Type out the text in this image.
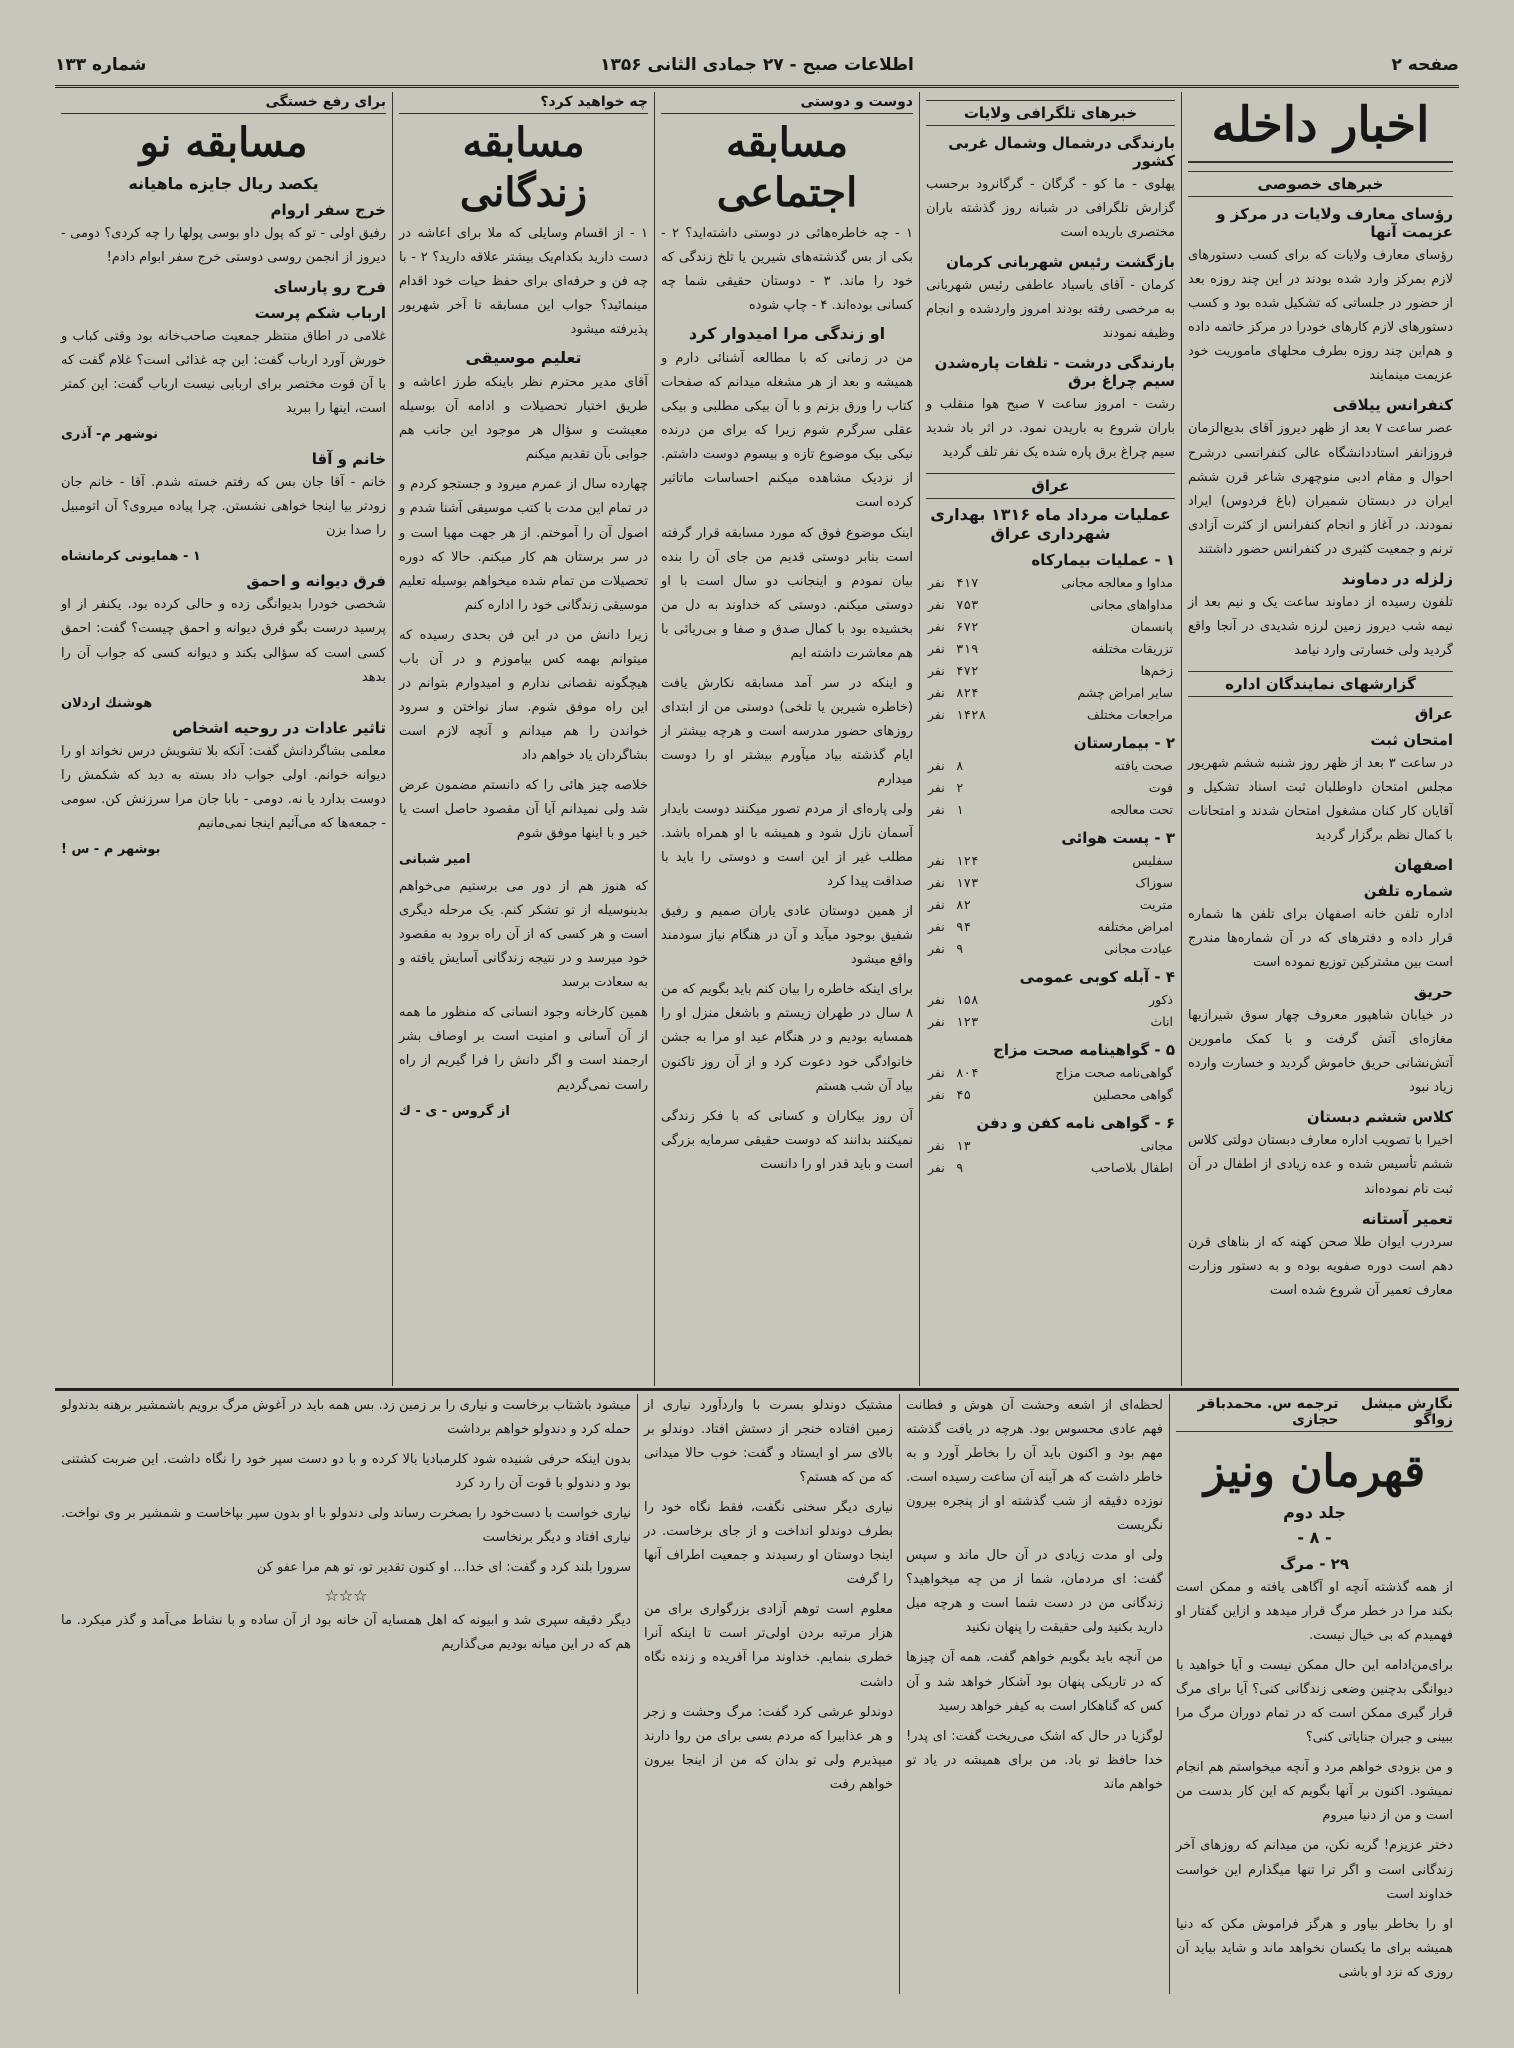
صفحه ۲
اطلاعات صبح - ۲۷ جمادی الثانی ۱۳۵۶
شماره ۱۳۳
اخبار داخله
خبرهای خصوصی
رؤسای معارف ولایات در مرکز و عزیمت آنها

رؤسای معارف ولایات که برای کسب دستورهای لازم بمرکز وارد شده بودند در این چند روزه بعد از حضور در جلساتی که تشکیل شده بود و کسب دستورهای لازم کارهای خودرا در مرکز خاتمه داده و هم‌این چند روزه بطرف محلهای ماموریت خود عزیمت مینمایند

کنفرانس ییلاقی

عصر ساعت ۷ بعد از ظهر دیروز آقای بدیع‌الزمان فروزانفر استاددانشگاه عالی کنفرانسی درشرح احوال و مقام ادبی منوچهری شاعر قرن ششم ایران در دبستان شمیران (باغ فردوس) ایراد نمودند. در آغاز و انجام کنفرانس از کثرت آزادی ترنم و جمعیت کثیری در کنفرانس حضور داشتند

زلزله در دماوند

تلفون رسیده از دماوند ساعت یک و نیم بعد از نیمه شب دیروز زمین لرزه شدیدی در آنجا واقع گردید ولی خسارتی وارد نیامد

گزارشهای نمایندگان اداره
عراق
امتحان ثبت

در ساعت ۳ بعد از ظهر روز شنبه ششم شهریور مجلس امتحان داوطلبان ثبت اسناد تشکیل و آقایان کار کنان مشغول امتحان شدند و امتحانات با کمال نظم برگزار گردید

اصفهان
شماره تلفن

اداره تلفن خانه اصفهان برای تلفن ها شماره قرار داده و دفترهای که در آن شماره‌ها مندرج است بین مشترکین توزیع نموده است

حریق

در خیابان شاهپور معروف چهار سوق شیرازیها مغازه‌ای آتش گرفت و با کمک مامورین آتش‌نشانی حریق خاموش گردید و خسارت وارده زیاد نبود

کلاس ششم دبستان

اخیرا با تصویب اداره معارف دبستان دولتی کلاس ششم تأسیس شده و عده زیادی از اطفال در آن ثبت نام نموده‌اند

تعمیر آستانه

سردرب ایوان طلا صحن کهنه که از بناهای قرن دهم است دوره صفویه بوده و به دستور وزارت معارف تعمیر آن شروع شده است

خبرهای تلگرافی ولایات
بارندگی درشمال وشمال غربی کشور

پهلوی - ما کو - گرگان - گرگانرود برحسب گزارش تلگرافی در شبانه روز گذشته باران مختصری باریده است

بازگشت رئیس شهربانی کرمان

کرمان - آقای یاسیاد عاطفی رئیس شهربانی به مرخصی رفته بودند امروز واردشده و انجام وظیفه نمودند

بارندگی درشت - تلفات پاره‌شدن سیم چراغ برق

رشت - امروز ساعت ۷ صبح هوا منقلب و باران شروع به باریدن نمود. در اثر باد شدید سیم چراغ برق پاره شده یک نفر تلف گردید

عراق
عملیات مرداد ماه ۱۳۱۶ بهداری شهرداری عراق
۱ - عملیات بیمارکاه
مداوا و معالجه مجانی	۴۱۷	نفر
مداواهای مجانی	۷۵۳	نفر
پانسمان	۶۷۲	نفر
تزریقات مختلفه	۳۱۹	نفر
زخم‌ها	۴۷۲	نفر
سایر امراض چشم	۸۲۴	نفر
مراجعات مختلف	۱۴۲۸	نفر
۲ - بیمارستان
صحت یافته	۸	نفر
فوت	۲	نفر
تحت معالجه	۱	نفر
۳ - پست هوائی
سفلیس	۱۲۴	نفر
سوزاک	۱۷۳	نفر
متریت	۸۲	نفر
امراض مختلفه	۹۴	نفر
عیادت مجانی	۹	نفر
۴ - آبله کوبی عمومی
ذکور	۱۵۸	نفر
اناث	۱۲۳	نفر
۵ - گواهینامه صحت مزاج
گواهی‌نامه صحت مزاج	۸۰۴	نفر
گواهی محصلین	۴۵	نفر
۶ - گواهی نامه کفن و دفن
مجانی	۱۳	نفر
اطفال بلاصاحب	۹	نفر
دوست و دوستی
مسابقه اجتماعی

۱ - چه خاطره‌هائی در دوستی داشته‌اید؟ ۲ - بکی از بس گذشته‌های شیرین یا تلخ زندگی که خود را ماند. ۳ - دوستان حقیقی شما چه کسانی بوده‌اند. ۴ - چاپ شوده

او زندگی مرا امیدوار کرد

من در زمانی که با مطالعه آشنائی دارم و همیشه و بعد از هر مشغله میدانم که صفحات کتاب را ورق بزنم و با آن بیکی مطلبی و بیکی عقلی سرگرم شوم زیرا که برای من درنده نیکی بیک موضوع تازه و بیسوم دوست داشتم. از نزدیک مشاهده میکنم احساسات ماتاثیر کرده است

اینک موضوع فوق که مورد مسابقه قرار گرفته است بنابر دوستی قدیم من جای آن را بنده بیان نمودم و اینجانب دو سال است با او دوستی میکنم. دوستی که خداوند به دل من بخشیده بود با کمال صدق و صفا و بی‌ریائی با هم معاشرت داشته ایم

و اینکه در سر آمد مسابقه نکارش یافت (خاطره شیرین یا تلخی) دوستی من از ابتدای روزهای حضور مدرسه است و هرچه بیشتر از ایام گذشته بیاد میآورم بیشتر او را دوست میدارم

ولی پاره‌ای از مردم تصور میکنند دوست بایدار آسمان نازل شود و همیشه با او همراه باشد. مطلب غیر از این است و دوستی را باید با صداقت پیدا کرد

از همین دوستان عادی یاران صمیم و رفیق شفیق بوجود میآید و آن در هنگام نیاز سودمند واقع میشود

برای اینکه خاطره را بیان کنم باید بگویم که من ۸ سال در طهران زیستم و باشغل منزل او را همسایه بودیم و در هنگام عید او مرا به جشن خانوادگی خود دعوت کرد و از آن روز تاکنون بیاد آن شب هستم

آن روز بیکاران و کسانی که با فکر زندگی نمیکنند بدانند که دوست حقیقی سرمایه بزرگی است و باید قدر او را دانست

چه خواهید کرد؟
مسابقه زندگانی

۱ - از اقسام وسایلی که ملا برای اعاشه در دست دارید بکدام‌یک بیشتر علاقه دارید؟ ۲ - با چه فن و حرفه‌ای برای حفظ حیات خود اقدام مینمائید؟ جواب این مسابقه تا آخر شهریور پذیرفته میشود

تعلیم موسیقی

آقای مدیر محترم نظر باینکه طرز اعاشه و طریق اختیار تحصیلات و ادامه آن بوسیله معیشت و سؤال هر موجود این جانب هم جوابی بآن تقدیم میکنم

چهارده سال از عمرم میرود و جستجو کردم و در تمام این مدت با کتب موسیقی آشنا شدم و اصول آن را آموختم. از هر جهت مهیا است و در سر برستان هم کار میکنم. حالا که دوره تحصیلات من تمام شده میخواهم بوسیله تعلیم موسیقی زندگانی خود را اداره کنم

زیرا دانش من در این فن بحدی رسیده که میتوانم بهمه کس بیاموزم و در آن باب هیچگونه نقصانی ندارم و امیدوارم بتوانم در این راه موفق شوم. ساز نواختن و سرود خواندن را هم میدانم و آنچه لازم است بشاگردان یاد خواهم داد

خلاصه چیز هائی را که دانستم مضمون عرض شد ولی نمیدانم آیا آن مقصود حاصل است یا خیر و با اینها موفق شوم

امیر شبانی

که هنوز هم از دور می برستیم می‌خواهم بدینوسیله از تو تشکر کنم. یک مرحله دیگری است و هر کسی که از آن راه برود به مقصود خود میرسد و در نتیجه زندگانی آسایش یافته و به سعادت برسد

همین کارخانه وجود انسانی که منظور ما همه از آن آسانی و امنیت است بر اوصاف بشر ارجمند است و اگر دانش را فرا گیریم از راه راست نمی‌گردیم

از گروس - ی - ك
برای رفع خستگی
مسابقه نو
یکصد ریال جایزه ماهیانه
خرج سفر اروام

رفیق اولی - تو که پول داو بوسی پولها را چه کردی؟ دومی - دیروز از انجمن روسی دوستی خرج سفر ابوام دادم!

فرح رو پارسای
ارباب شکم پرست

غلامی در اطاق منتظر جمعیت صاحب‌خانه بود وقتی کباب و خورش آورد ارباب گفت: این چه غذائی است؟ غلام گفت که با آن قوت مختصر برای اربابی نیست ارباب گفت: این کمتر است، اینها را ببرید

نوشهر م- آذری
خانم و آقا

خانم - آقا جان بس که رفتم خسته شدم. آقا - خانم جان زودتر بیا اینجا خواهی نشستن. چرا پیاده میروی؟ آن اتومبیل را صدا بزن

۱ - همایونی کرمانشاه
فرق دیوانه و احمق

شخصی خودرا بدیوانگی زده و حالی کرده بود. یکنفر از او پرسید درست بگو فرق دیوانه و احمق چیست؟ گفت: احمق کسی است که سؤالی بکند و دیوانه کسی که جواب آن را بدهد

هوشنك اردلان
تاثیر عادات در روحیه اشخاص

معلمی بشاگردانش گفت: آنکه بلا تشویش درس نخواند او را دیوانه خوانم. اولی جواب داد بسته به دید که شکمش را دوست بدارد یا نه. دومی - بابا جان مرا سرزنش کن. سومی - جمعه‌ها که می‌آئیم اینجا نمی‌مانیم

بوشهر م - س !
نگارش میشل زواگو
ترجمه س. محمدباقر حجازی
قهرمان ونیز
جلد دوم
- ۸ -
۲۹ - مرگ

از همه گذشته آنچه او آگاهی یافته و ممکن است بکند مرا در خطر مرگ قرار میدهد و ازاین گفتار او فهمیدم که بی خیال نیست.

برای‌من‌ادامه این حال ممکن نیست و آیا خواهید با دیوانگی بدچنین وضعی زندگانی کنی؟ آیا برای مرگ قرار گیری ممکن است که در تمام دوران مرگ مرا ببینی و جبران جنایاتی کنی؟

و من بزودی خواهم مرد و آنچه میخواستم هم انجام نمیشود. اکنون بر آنها بگویم که این کار بدست من است و من از دنیا میروم

دختر عزیزم! گریه نکن، من میدانم که روزهای آخر زندگانی است و اگر ترا تنها میگذارم این خواست خداوند است

او را بخاطر بیاور و هرگز فراموش مکن که دنیا همیشه برای ما یکسان نخواهد ماند و شاید بیاید آن روزی که نزد او باشی

لحظه‌ای از اشعه وحشت آن هوش و فطانت فهم عادی محسوس بود. هرچه در یافت گذشته مهم بود و اکنون باید آن را بخاطر آورد و به خاطر داشت که هر آینه آن ساعت رسیده است. نوزده دقیقه از شب گذشته او از پنجره بیرون نگریست

ولی او مدت زیادی در آن حال ماند و سپس گفت: ای مردمان، شما از من چه میخواهید؟ زندگانی من در دست شما است و هرچه میل دارید بکنید ولی حقیقت را پنهان نکنید

من آنچه باید بگویم خواهم گفت. همه آن چیزها که در تاریکی پنهان بود آشکار خواهد شد و آن کس که گناهکار است به کیفر خواهد رسید

لوگزیا در حال که اشک می‌ریخت گفت: ای پدر! خدا حافظ تو باد. من برای همیشه در یاد تو خواهم ماند

مشتیک دوندلو بسرت با واردآورد نیاری از زمین افتاده خنجر از دستش افتاد. دوندلو بر بالای سر او ایستاد و گفت: خوب حالا میدانی که من که هستم؟

نیاری دیگر سخنی نگفت، فقط نگاه خود را بطرف دوندلو انداخت و از جای برخاست. در اینجا دوستان او رسیدند و جمعیت اطراف آنها را گرفت

معلوم است توهم آزادی بزرگواری برای من هزار مرتبه بردن اولی‌تر است تا اینکه آنرا خطری بنمایم. خداوند مرا آفریده و زنده نگاه داشت

دوندلو عرشی کرد گفت: مرگ وحشت و زجر و هر عذابیرا که مردم بسی برای من روا دارند میپذیرم ولی تو بدان که من از اینجا بیرون خواهم رفت

میشود باشتاب برخاست و نیاری را بر زمین زد. بس همه باید در آغوش مرگ برویم باشمشیر برهنه بدندولو حمله کرد و دندولو خواهم برداشت

بدون اینکه حرفی شنیده شود کلرمبادیا بالا کرده و با دو دست سپر خود را نگاه داشت. این ضربت کشتنی بود و دندولو با قوت آن را رد کرد

نیاری خواست با دست‌خود را بصخرت رساند ولی دندولو با او بدون سپر بپاخاست و شمشیر بر وی نواخت. نیاری افتاد و دیگر برنخاست

سرورا بلند کرد و گفت: ای خدا... او کنون تقدیر تو، تو هم مرا عفو کن

☆☆☆

دیگر دقیقه سپری شد و ابیونه که اهل همسایه آن خانه بود از آن ساده و با نشاط می‌آمد و گذر میکرد. ما هم که در این میانه بودیم می‌گذاریم
